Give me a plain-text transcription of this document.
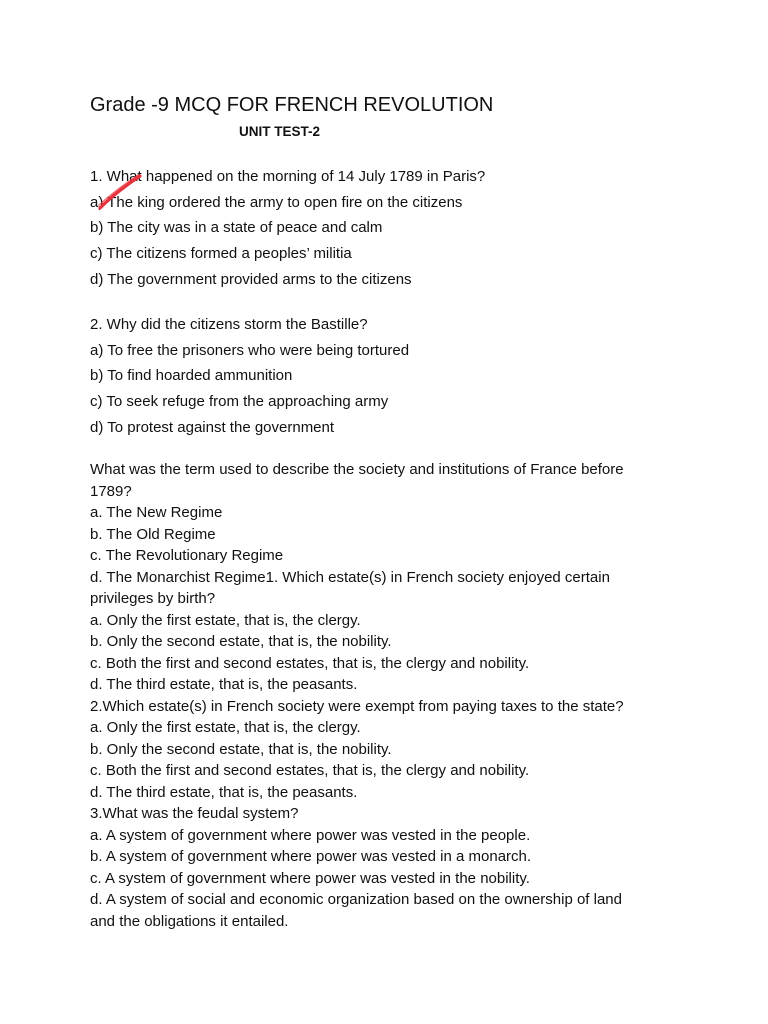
Grade -9 MCQ FOR FRENCH REVOLUTION
UNIT TEST-2
1. What happened on the morning of 14 July 1789 in Paris?
a) The king ordered the army to open fire on the citizens
b) The city was in a state of peace and calm
c) The citizens formed a peoples’ militia
d) The government provided arms to the citizens
2. Why did the citizens storm the Bastille?
a) To free the prisoners who were being tortured
b) To find hoarded ammunition
c) To seek refuge from the approaching army
d) To protest against the government
What was the term used to describe the society and institutions of France before
1789?
a. The New Regime
b. The Old Regime
c. The Revolutionary Regime
d. The Monarchist Regime1. Which estate(s) in French society enjoyed certain
privileges by birth?
a. Only the first estate, that is, the clergy.
b. Only the second estate, that is, the nobility.
c. Both the first and second estates, that is, the clergy and nobility.
d. The third estate, that is, the peasants.
2.Which estate(s) in French society were exempt from paying taxes to the state?
a. Only the first estate, that is, the clergy.
b. Only the second estate, that is, the nobility.
c. Both the first and second estates, that is, the clergy and nobility.
d. The third estate, that is, the peasants.
3.What was the feudal system?
a. A system of government where power was vested in the people.
b. A system of government where power was vested in a monarch.
c. A system of government where power was vested in the nobility.
d. A system of social and economic organization based on the ownership of land
and the obligations it entailed.
